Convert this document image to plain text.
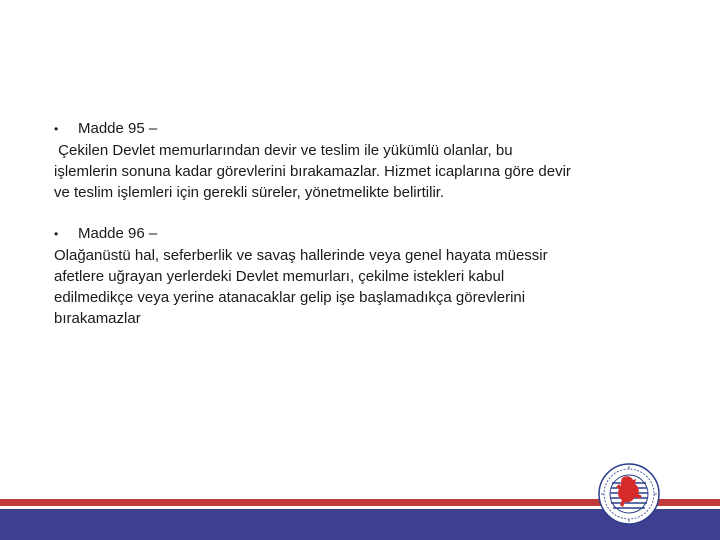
•	Madde 95 –

Çekilen Devlet memurlarından devir ve teslim ile yükümlü olanlar, bu

işlemlerin sonuna kadar görevlerini bırakamazlar. Hizmet icaplarına göre devir

ve teslim işlemleri için gerekli süreler, yönetmelikte belirtilir.

•	Madde 96 –

Olağanüstü hal, seferberlik ve savaş hallerinde veya genel hayata müessir

afetlere uğrayan yerlerdeki Devlet memurları, çekilme istekleri kabul

edilmedikçe veya yerine atanacaklar gelip işe başlamadıkça görevlerini

bırakamazlar
